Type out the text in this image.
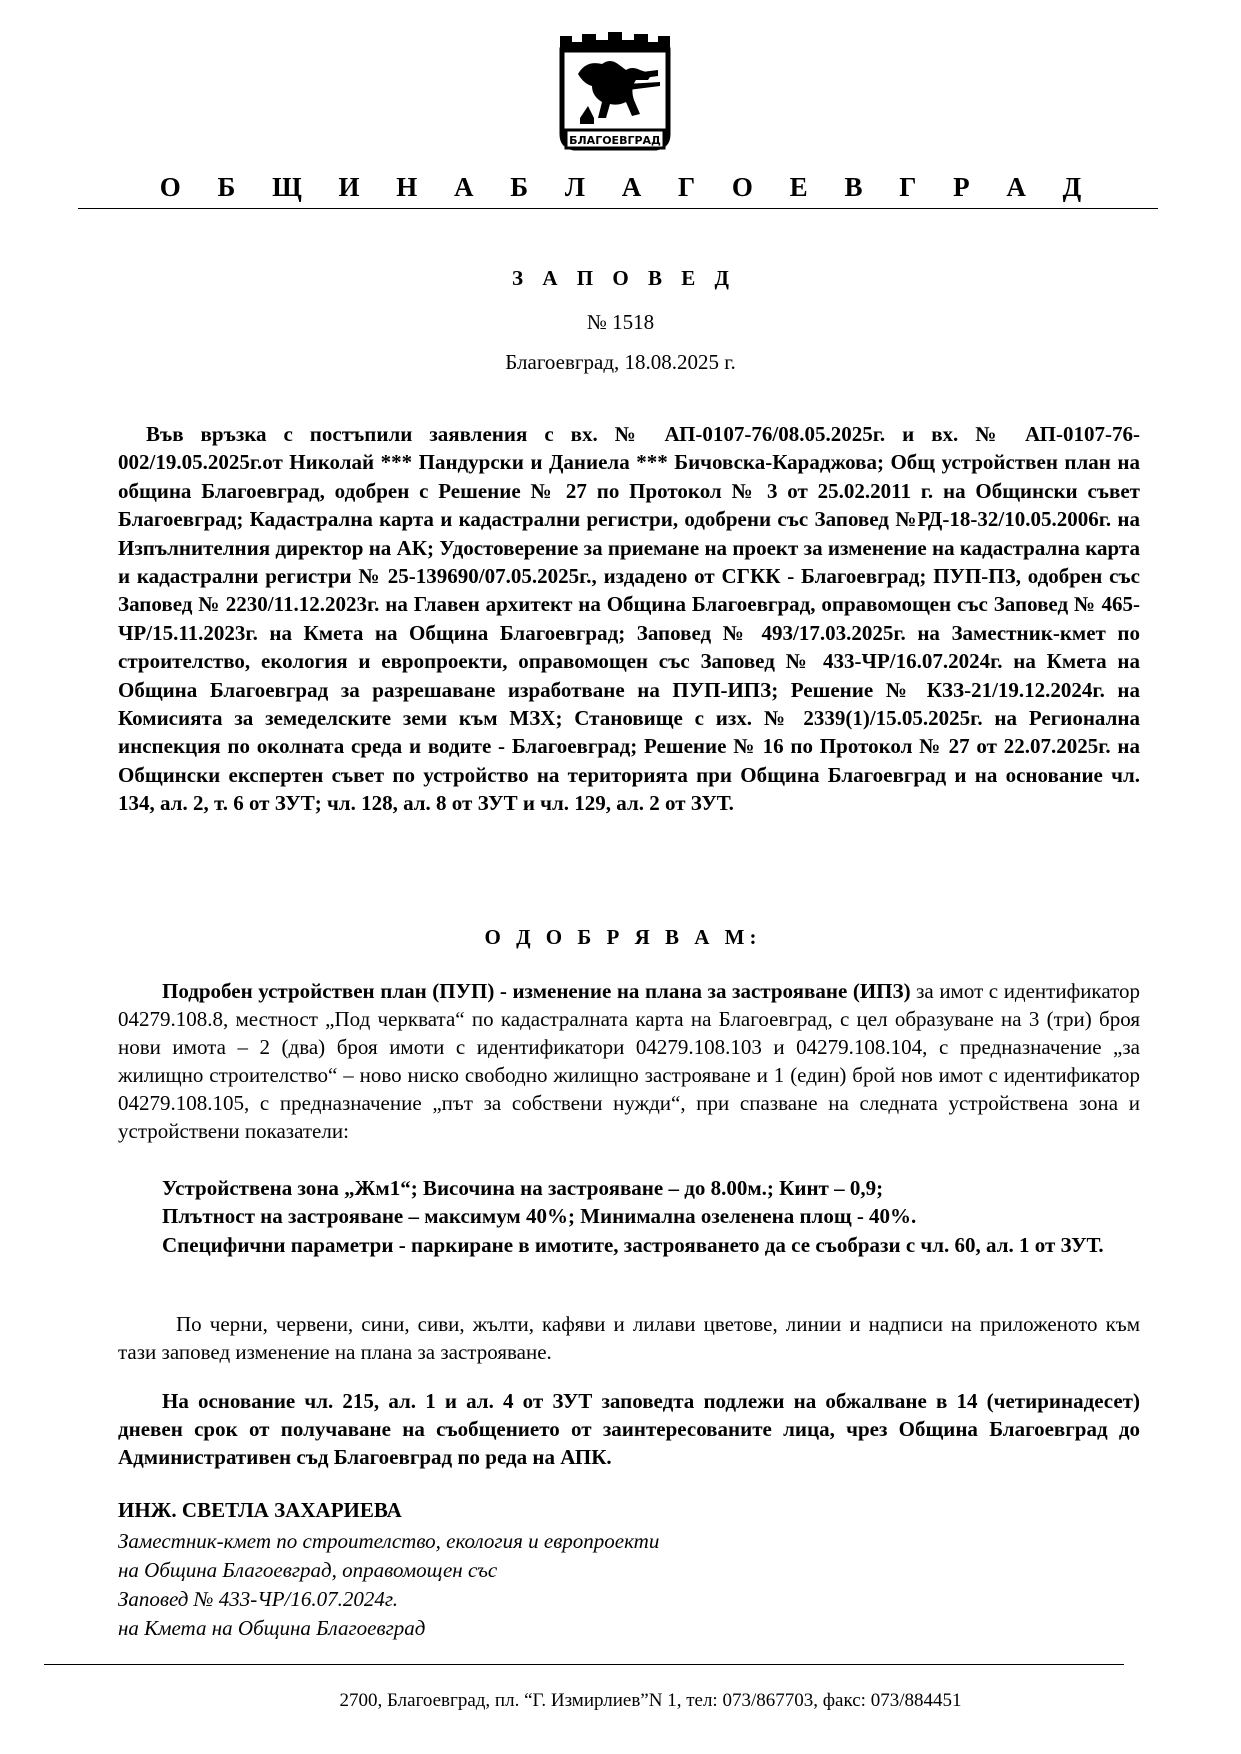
БЛАГОЕВГРАД
О Б Щ И Н А Б Л А Г О Е В Г Р А Д
З А П О В Е Д
№ 1518
Благоевград, 18.08.2025 г.

Във връзка с постъпили заявления с вх. № АП-0107-76/08.05.2025г. и вх. № АП-0107-76-002/19.05.2025г.от Николай *** Пандурски и Даниела *** Бичовска-Караджова; Общ устройствен план на община Благоевград, одобрен с Решение № 27 по Протокол № 3 от 25.02.2011 г. на Общински съвет Благоевград; Кадастрална карта и кадастрални регистри, одобрени със Заповед №РД-18-32/10.05.2006г. на Изпълнителния директор на АК; Удостоверение за приемане на проект за изменение на кадастрална карта и кадастрални регистри № 25-139690/07.05.2025г., издадено от СГКК - Благоевград; ПУП-ПЗ, одобрен със Заповед № 2230/11.12.2023г. на Главен архитект на Община Благоевград, оправомощен със Заповед № 465-ЧР/15.11.2023г. на Кмета на Община Благоевград; Заповед № 493/17.03.2025г. на Заместник-кмет по строителство, екология и европроекти, оправомощен със Заповед № 433-ЧР/16.07.2024г. на Кмета на Община Благоевград за разрешаване изработване на ПУП-ИПЗ; Решение № КЗЗ-21/19.12.2024г. на Комисията за земеделските земи към МЗХ; Становище с изх. № 2339(1)/15.05.2025г. на Регионална инспекция по околната среда и водите - Благоевград; Решение № 16 по Протокол № 27 от 22.07.2025г. на Общински експертен съвет по устройство на територията при Община Благоевград и на основание чл. 134, ал. 2, т. 6 от ЗУТ; чл. 128, ал. 8 от ЗУТ и чл. 129, ал. 2 от ЗУТ.

О Д О Б Р Я В А М:

Подробен устройствен план (ПУП) - изменение на плана за застрояване (ИПЗ) за имот с идентификатор 04279.108.8, местност „Под черквата“ по кадастралната карта на Благоевград, с цел образуване на 3 (три) броя нови имота – 2 (два) броя имоти с идентификатори 04279.108.103 и 04279.108.104, с предназначение „за жилищно строителство“ – ново ниско свободно жилищно застрояване и 1 (един) брой нов имот с идентификатор 04279.108.105, с предназначение „път за собствени нужди“, при спазване на следната устройствена зона и устройствени показатели:

Устройствена зона „Жм1“; Височина на застрояване – до 8.00м.; Кинт – 0,9;

Плътност на застрояване – максимум 40%; Минимална озеленена площ - 40%.

Специфични параметри - паркиране в имотите, застрояването да се съобрази с чл. 60, ал. 1 от ЗУТ.

По черни, червени, сини, сиви, жълти, кафяви и лилави цветове, линии и надписи на приложеното към тази заповед изменение на плана за застрояване.

На основание чл. 215, ал. 1 и ал. 4 от ЗУТ заповедта подлежи на обжалване в 14 (четиринадесет) дневен срок от получаване на съобщението от заинтересованите лица, чрез Община Благоевград до Административен съд Благоевград по реда на АПК.

ИНЖ. СВЕТЛА ЗАХАРИЕВА
Заместник-кмет по строителство, екология и европроекти
на Община Благоевград, оправомощен със
Заповед № 433-ЧР/16.07.2024г.
на Кмета на Община Благоевград
2700, Благоевград, пл. “Г. Измирлиев”N 1, тел: 073/867703, факс: 073/884451
